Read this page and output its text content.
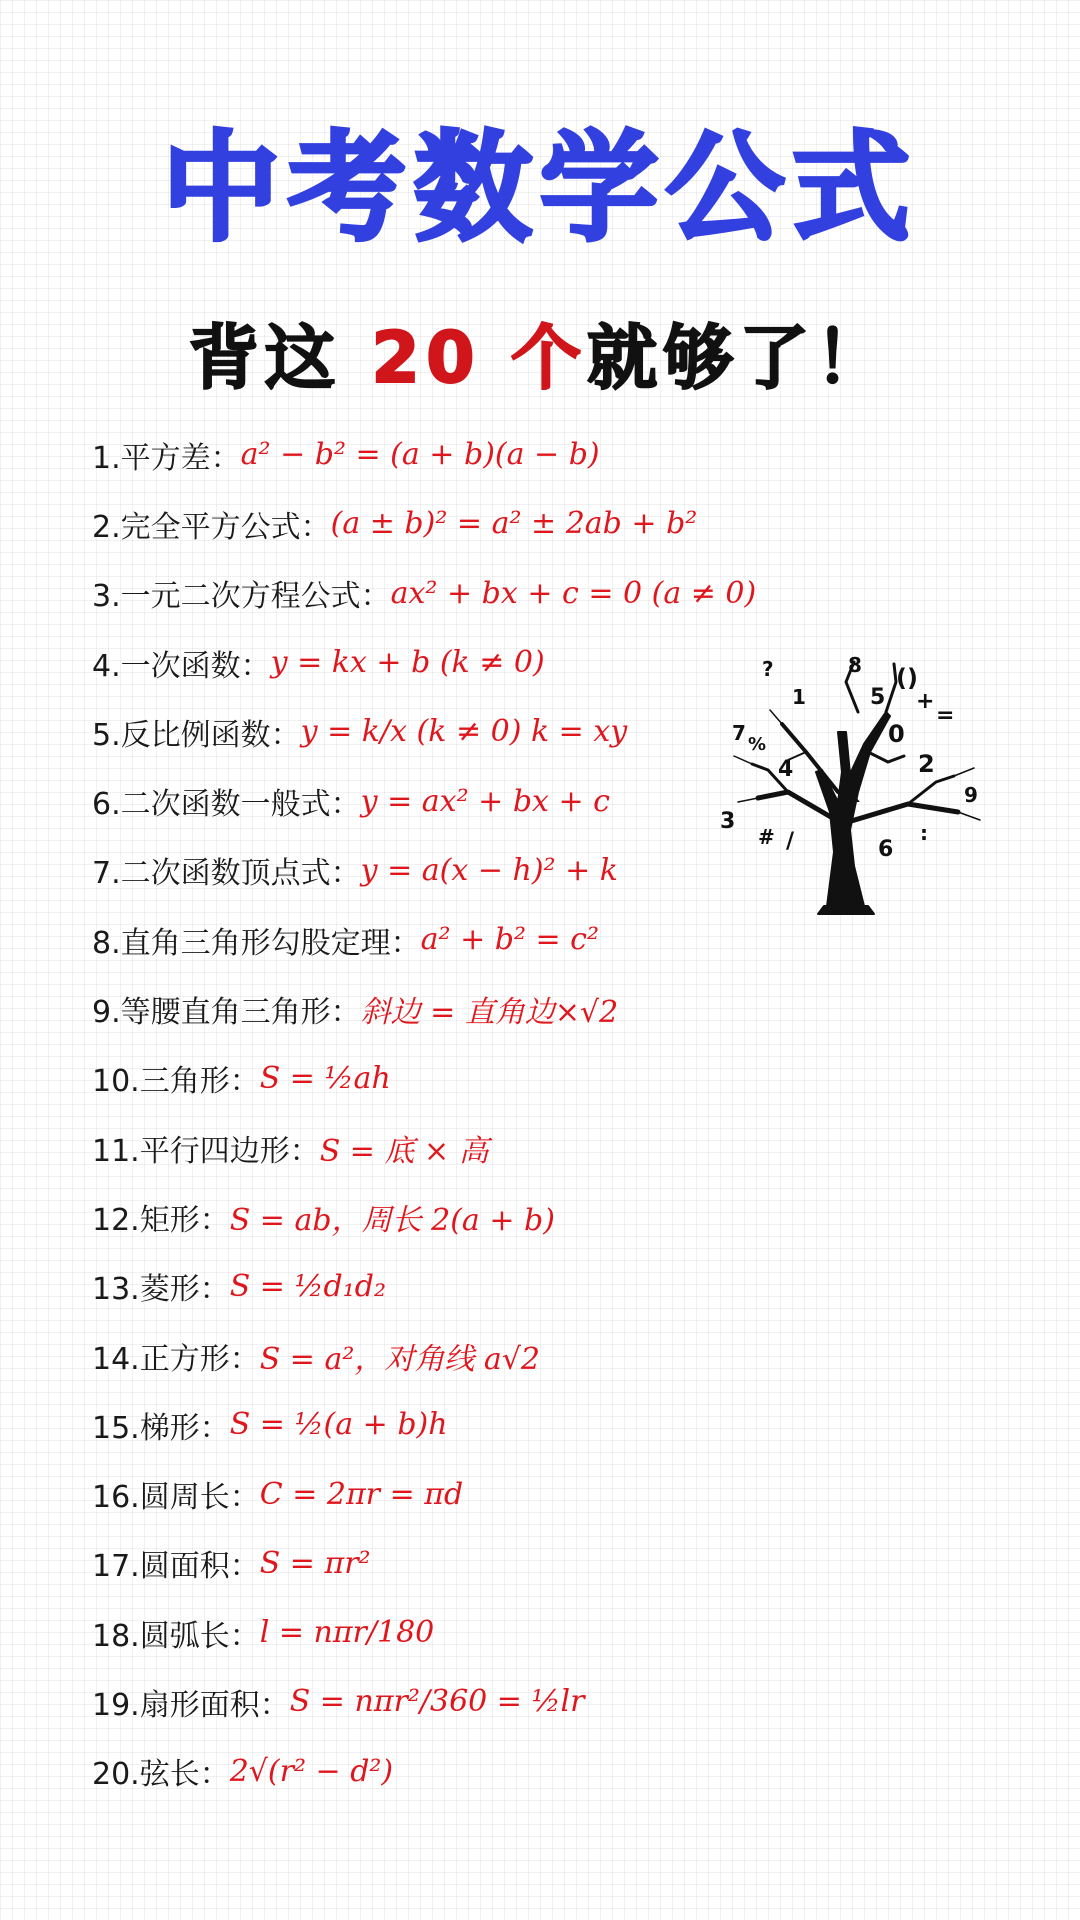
中考数学公式
背这 20 个就够了！
1.平方差： a² − b² = (a + b)(a − b)
2.完全平方公式： (a ± b)² = a² ± 2ab + b²
3.一元二次方程公式： ax² + bx + c = 0 (a ≠ 0)
4.一次函数： y = kx + b (k ≠ 0)
5.反比例函数： y = k/x (k ≠ 0) k = xy
6.二次函数一般式： y = ax² + bx + c
7.二次函数顶点式： y = a(x − h)² + k
8.直角三角形勾股定理： a² + b² = c²
9.等腰直角三角形： 斜边 = 直角边×√2
10.三角形： S = ½ah
11.平行四边形： S = 底 × 高
12.矩形： S = ab，周长 2(a + b)
13.菱形： S = ½d₁d₂
14.正方形： S = a²，对角线 a√2
15.梯形： S = ½(a + b)h
16.圆周长： C = 2πr = πd
17.圆面积： S = πr²
18.圆弧长： l = nπr/180
19.扇形面积： S = nπr²/360 = ½lr
20.弦长： 2√(r² − d²)
?	8 ()
1	5 +
=
7 %	0
4	2
x	9
3
# /	6
:
